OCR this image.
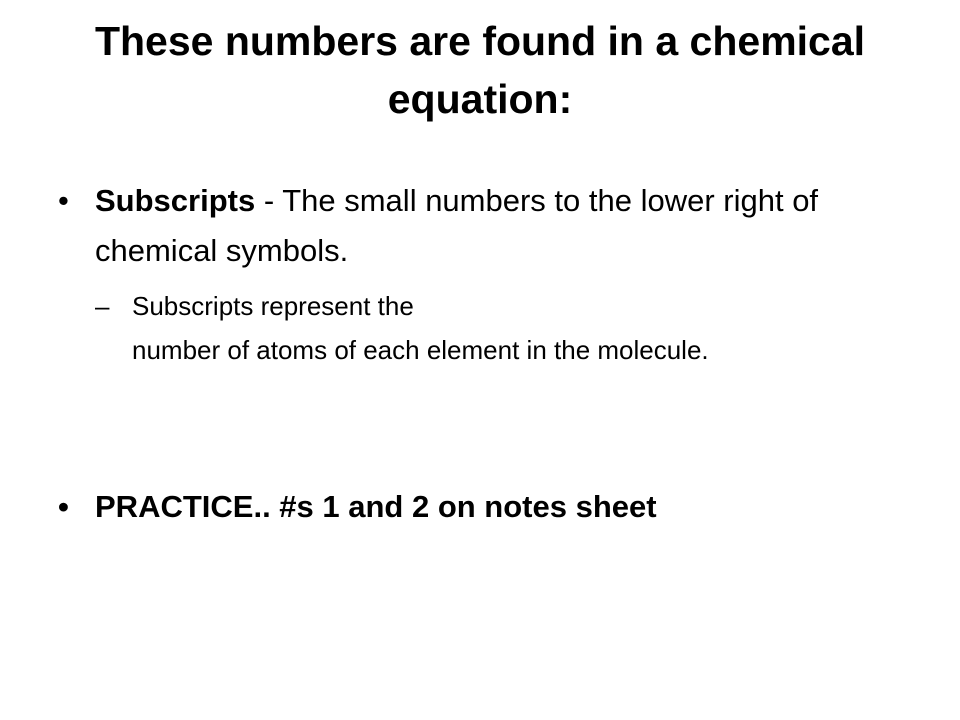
These numbers are found in a chemical equation:
• Subscripts - The small numbers to the lower right of chemical symbols.
– Subscripts represent the
number of atoms of each element in the molecule.
• PRACTICE.. #s 1 and 2 on notes sheet
